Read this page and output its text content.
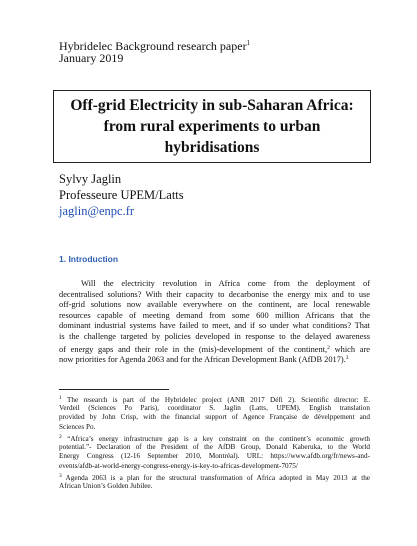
Hybridelec Background research paper$^1$
January 2019
Off-grid Electricity in sub-Saharan Africa:
from rural experiments to urban
hybridisations
Sylvy Jaglin
Professeure UPEM/Latts
jaglin@enpc.fr
1. Introduction
Will the electricity revolution in Africa come from the deployment of
decentralised solutions? With their capacity to decarbonise the energy mix and to use
off-grid solutions now available everywhere on the continent, are local renewable
resources capable of meeting demand from some 600 million Africans that the
dominant industrial systems have failed to meet, and if so under what conditions? That
is the challenge targeted by policies developed in response to the delayed awareness
of energy gaps and their role in the (mis)-development of the continent,$^2$ which are
now priorities for Agenda 2063 and for the African Development Bank (AfDB 2017).$^3$
$^1$ The research is part of the Hybridelec project (ANR 2017 Défi 2). Scientific director: E.
Verdeil (Sciences Po Paris), coordinator S. Jaglin (Latts, UPEM). English translation
provided by John Crisp, with the financial support of Agence Française de dévelppement and
Sciences Po.
$^2$ “Africa’s energy infrastructure gap is a key constraint on the continent’s economic growth
potential.”- Declaration of the President of the AfDB Group, Donald Kaberuka, to the World
Energy Congress (12-16 September 2010, Montréal). URL: https://www.afdb.org/fr/news-and-
events/afdb-at-world-energy-congress-energy-is-key-to-africas-development-7075/
$^3$ Agenda 2063 is a plan for the structural transformation of Africa adopted in May 2013 at the
African Union’s Golden Jubilee.
